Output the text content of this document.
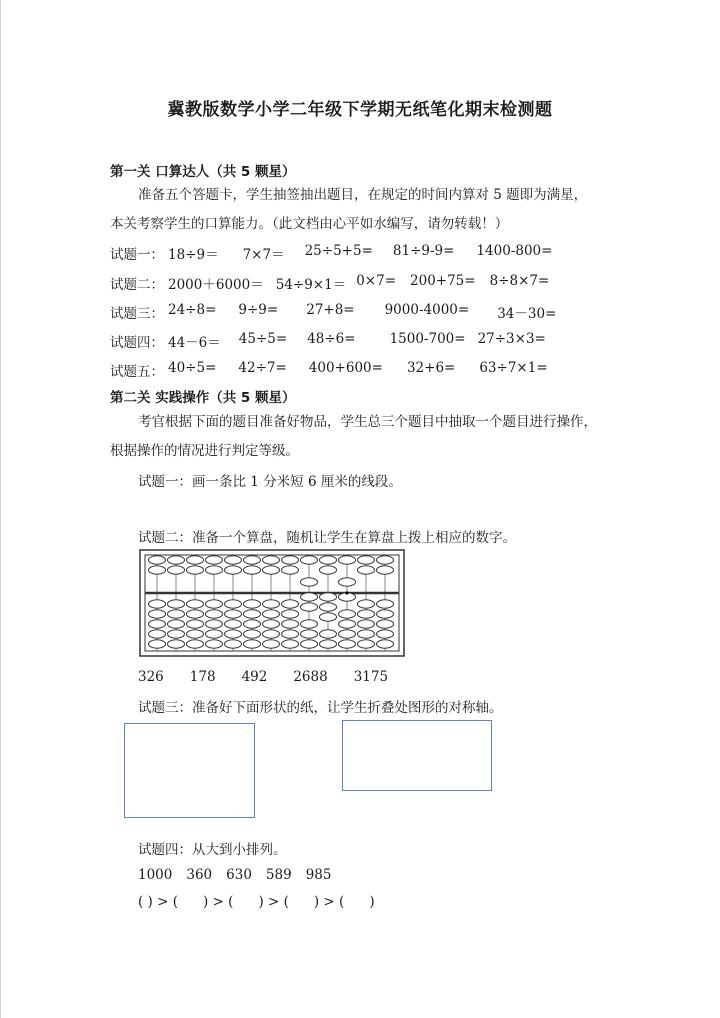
冀教版数学小学二年级下学期无纸笔化期末检测题
第一关 口算达人（共 5 颗星）
准备五个答题卡，学生抽签抽出题目，在规定的时间内算对 5 题即为满星，
本关考察学生的口算能力。（此文档由心平如水编写，请勿转载！）
试题一： 18÷9＝ 7×7＝ 25÷5+5= 81÷9-9= 1400-800=
试题二： 2000＋6000＝ 54÷9×1＝ 0×7= 200+75= 8÷8×7=
试题三： 24÷8= 9÷9= 27+8= 9000-4000= 34－30=
试题四： 44－6＝ 45÷5= 48÷6=	1500-700= 27÷3×3=
试题五： 40÷5= 42÷7= 400+600= 32+6= 63÷7×1=
第二关 实践操作（共 5 颗星）
考官根据下面的题目准备好物品，学生总三个题目中抽取一个题目进行操作，
根据操作的情况进行判定等级。
试题一：画一条比 1 分米短 6 厘米的线段。
试题二：准备一个算盘，随机让学生在算盘上拨上相应的数字。
326 178 492 2688 3175
试题三：准备好下面形状的纸，让学生折叠处图形的对称轴。
试题四：从大到小排列。
1000 360 630 589 985
( ) > ( ) > ( ) > ( ) > ( )
